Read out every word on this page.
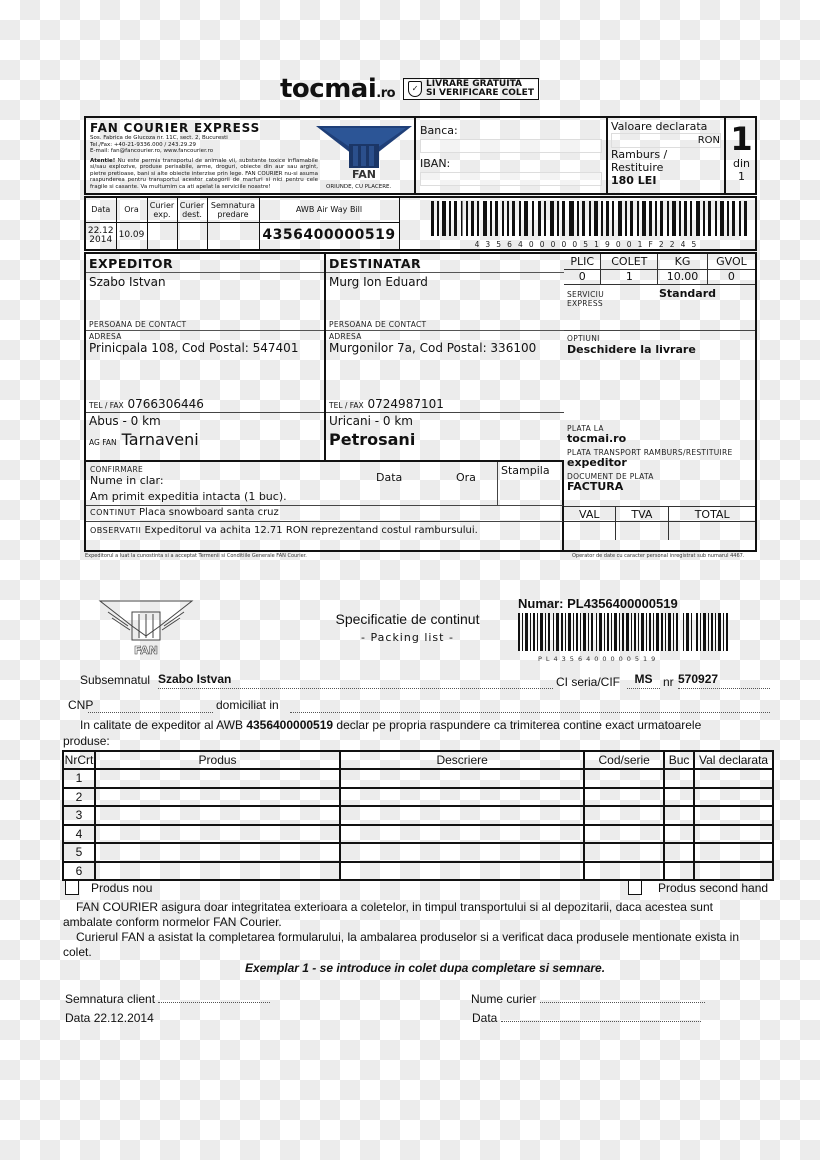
tocmai.ro	✓ LIVRARE GRATUITA
SI VERIFICARE COLET
FAN COURIER EXPRESS
Sos. Fabrica de Glucoza nr. 11C, sect. 2, Bucuresti
Tel./Fax: +40-21-9336.000 / 243.29.29
E-mail: fan@fancourier.ro, www.fancourier.ro
Atentie! Nu este permis transportul de animale vii, substante toxice inflamabile si/sau explozive, produse perisabile, arme, droguri, obiecte din aur sau argint, pietre pretioase, bani si alte obiecte interzise prin lege. FAN COURIER nu-si asuma raspunderea pentru transportul acestor categorii de marfuri si nici pentru cele fragile si casante. Va multumim ca ati apelat la serviciile noastre!
FAN
ORIUNDE, CU PLACERE.
Banca:
IBAN:
Valoare declarata
RON
Ramburs / Restituire
180 LEI
---
1
din
1
Data	Ora	Curier exp.	Curier dest.	Semnatura predare	AWB Air Way Bill
22.12 2014	10.09				4356400000519
4356400000519001F2245
EXPEDITOR
Szabo Istvan
PERSOANA DE CONTACT
ADRESA
Prinicpala 108, Cod Postal: 547401
TEL / FAX 0766306446
Abus - 0 km
AG FAN Tarnaveni
DESTINATAR
Murg Ion Eduard
PERSOANA DE CONTACT
ADRESA
Murgonilor 7a, Cod Postal: 336100
TEL / FAX 0724987101
Uricani - 0 km
Petrosani
CONFIRMARE
Nume in clar:
Am primit expeditia intacta (1 buc).
Data	Ora
Stampila
CONTINUT Placa snowboard santa cruz
OBSERVATII Expeditorul va achita 12.71 RON reprezentand costul rambursului.
PLIC	COLET	KG	GVOL
0	1	10.00	0
SERVICIU
EXPRESS
Standard
OPTIUNI
Deschidere la livrare
PLATA LA
tocmai.ro
PLATA TRANSPORT RAMBURS/RESTITUIRE
expeditor
DOCUMENT DE PLATA
FACTURA
VAL	TVA	TOTAL

Expeditorul a luat la cunostinta si a acceptat Termenii si Conditiile Generale FAN Courier.	Operator de date cu caracter personal inregistrat sub numarul 4467.
FAN
Specificatie de continut
- Packing list -
Numar: PL4356400000519
PL4356400000519
Subsemnatul Szabo Istvan	CI seria/CIF	MS nr 570927
CNP	domiciliat in
In calitate de expeditor al AWB 4356400000519 declar pe propria raspundere ca trimiterea contine exact urmatoarele
produse:
NrCrt	Produs	Descriere	Cod/serie	Buc	Val declarata
1					
2					
3					
4					
5					
6					
Produs nou	Produs second hand
FAN COURIER asigura doar integritatea exterioara a coletelor, in timpul transportului si al depozitarii, daca acestea sunt
ambalate conform normelor FAN Courier.
Curierul FAN a asistat la completarea formularului, la ambalarea produselor si a verificat daca produsele mentionate exista in
colet.
Exemplar 1 - se introduce in colet dupa completare si semnare.
Semnatura client
Data 22.12.2014
Nume curier
Data
